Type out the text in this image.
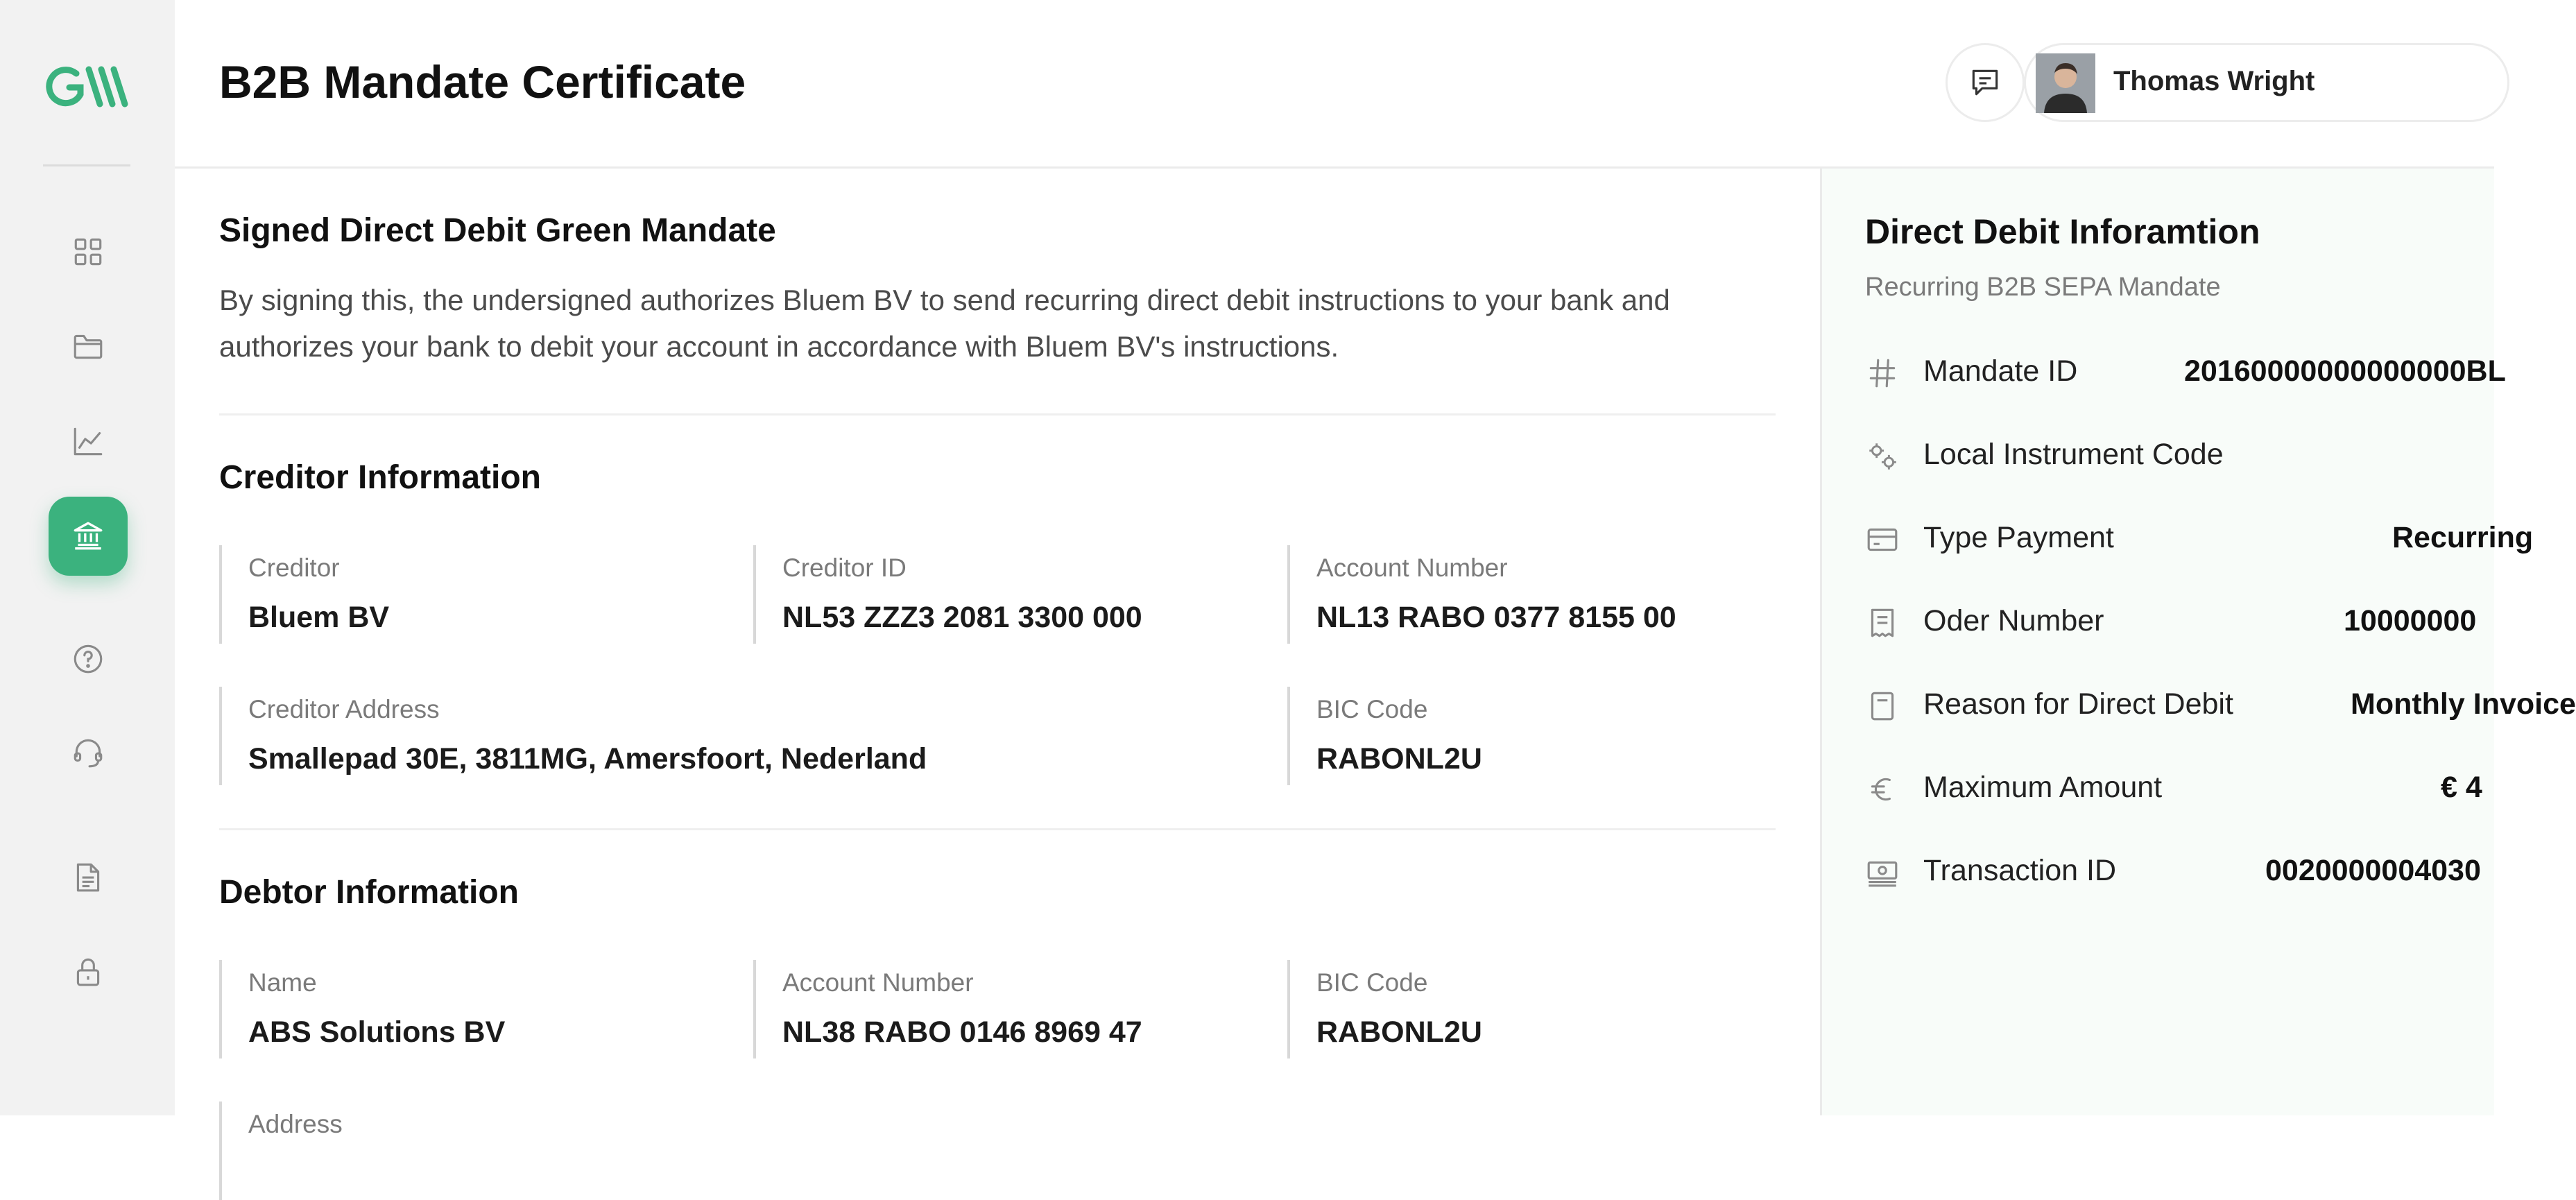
B2B Mandate Certificate	Thomas Wright
Signed Direct Debit Green Mandate
By signing this, the undersigned authorizes Bluem BV to send recurring direct debit instructions to your bank and authorizes your bank to debit your account in accordance with Bluem BV's instructions.
Creditor Information
Creditor
Bluem BV
Creditor ID
NL53 ZZZ3 2081 3300 000
Account Number
NL13 RABO 0377 8155 00
Creditor Address
Smallepad 30E, 3811MG, Amersfoort, Nederland
BIC Code
RABONL2U
Debtor Information
Name
ABS Solutions BV
Account Number
NL38 RABO 0146 8969 47
BIC Code
RABONL2U
Address
Direct Debit Inforamtion
Recurring B2B SEPA Mandate
Mandate ID	20160000000000000BL
Local Instrument Code
Type Payment	Recurring
Oder Number	10000000
Reason for Direct Debit	Monthly Invoice
Maximum Amount	€ 4
Transaction ID	0020000004030
